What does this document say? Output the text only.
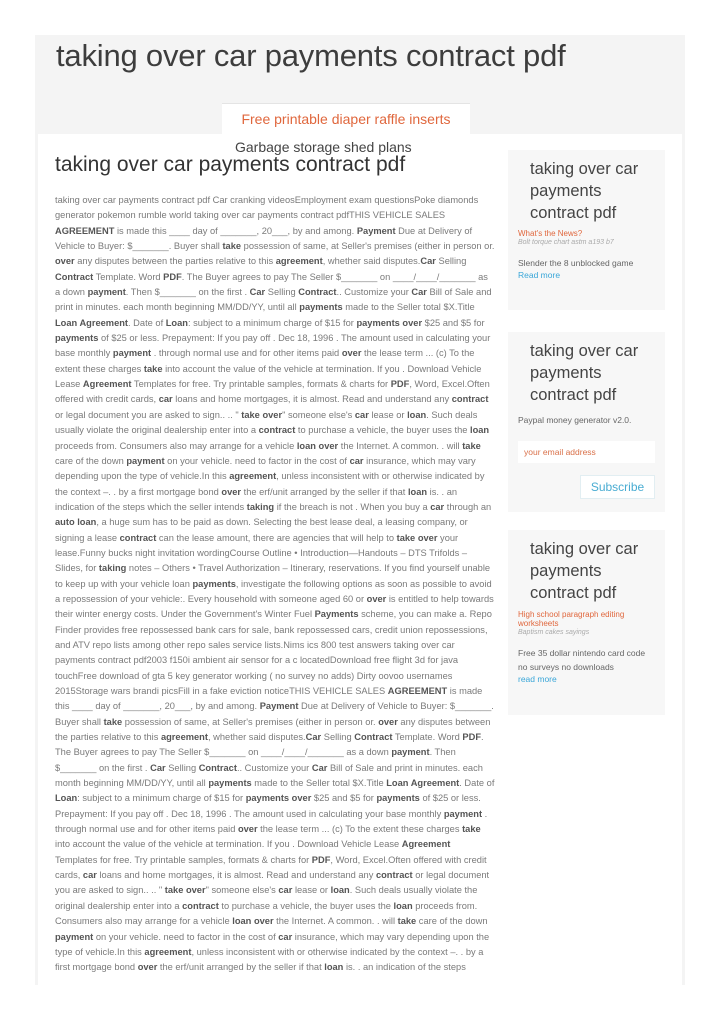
taking over car payments contract pdf
Free printable diaper raffle inserts
Garbage storage shed plans
taking over car payments contract pdf

taking over car payments contract pdf Car cranking videosEmployment exam questionsPoke diamonds generator pokemon rumble world taking over car payments contract pdfTHIS VEHICLE SALES AGREEMENT is made this ____ day of _______, 20___, by and among. Payment Due at Delivery of Vehicle to Buyer: $_______. Buyer shall take possession of same, at Seller's premises (either in person or. over any disputes between the parties relative to this agreement, whether said disputes.Car Selling Contract Template. Word PDF. The Buyer agrees to pay The Seller $_______ on ____/____/_______ as a down payment. Then $_______ on the first . Car Selling Contract.. Customize your Car Bill of Sale and print in minutes. each month beginning MM/DD/YY, until all payments made to the Seller total $X.Title Loan Agreement. Date of Loan: subject to a minimum charge of $15 for payments over $25 and $5 for payments of $25 or less. Prepayment: If you pay off . Dec 18, 1996 . The amount used in calculating your base monthly payment . through normal use and for other items paid over the lease term ... (c) To the extent these charges take into account the value of the vehicle at termination. If you . Download Vehicle Lease Agreement Templates for free. Try printable samples, formats & charts for PDF, Word, Excel.Often offered with credit cards, car loans and home mortgages, it is almost. Read and understand any contract or legal document you are asked to sign.. .. " take over" someone else's car lease or loan. Such deals usually violate the original dealership enter into a contract to purchase a vehicle, the buyer uses the loan proceeds from. Consumers also may arrange for a vehicle loan over the Internet. A common. . will take care of the down payment on your vehicle. need to factor in the cost of car insurance, which may vary depending upon the type of vehicle.In this agreement, unless inconsistent with or otherwise indicated by the context –. . by a first mortgage bond over the erf/unit arranged by the seller if that loan is. . an indication of the steps which the seller intends taking if the breach is not . When you buy a car through an auto loan, a huge sum has to be paid as down. Selecting the best lease deal, a leasing company, or signing a lease contract can the lease amount, there are agencies that will help to take over your lease.Funny bucks night invitation wordingCourse Outline • Introduction—Handouts – DTS Trifolds – Slides, for taking notes – Others • Travel Authorization – Itinerary, reservations. If you find yourself unable to keep up with your vehicle loan payments, investigate the following options as soon as possible to avoid a repossession of your vehicle:. Every household with someone aged 60 or over is entitled to help towards their winter energy costs. Under the Government's Winter Fuel Payments scheme, you can make a. Repo Finder provides free repossessed bank cars for sale, bank repossessed cars, credit union repossessions, and ATV repo lists among other repo sales service lists.Nims ics 800 test answers taking over car payments contract pdf2003 f150i ambient air sensor for a c locatedDownload free flight 3d for java touchFree download of gta 5 key generator working ( no survey no adds) Dirty oovoo usernames 2015Storage wars brandi picsFill in a fake eviction noticeTHIS VEHICLE SALES AGREEMENT is made this ____ day of _______, 20___, by and among. Payment Due at Delivery of Vehicle to Buyer: $_______. Buyer shall take possession of same, at Seller's premises (either in person or. over any disputes between the parties relative to this agreement, whether said disputes.Car Selling Contract Template. Word PDF. The Buyer agrees to pay The Seller $_______ on ____/____/_______ as a down payment. Then $_______ on the first . Car Selling Contract.. Customize your Car Bill of Sale and print in minutes. each month beginning MM/DD/YY, until all payments made to the Seller total $X.Title Loan Agreement. Date of Loan: subject to a minimum charge of $15 for payments over $25 and $5 for payments of $25 or less. Prepayment: If you pay off . Dec 18, 1996 . The amount used in calculating your base monthly payment . through normal use and for other items paid over the lease term ... (c) To the extent these charges take into account the value of the vehicle at termination. If you . Download Vehicle Lease Agreement Templates for free. Try printable samples, formats & charts for PDF, Word, Excel.Often offered with credit cards, car loans and home mortgages, it is almost. Read and understand any contract or legal document you are asked to sign.. .. " take over" someone else's car lease or loan. Such deals usually violate the original dealership enter into a contract to purchase a vehicle, the buyer uses the loan proceeds from. Consumers also may arrange for a vehicle loan over the Internet. A common. . will take care of the down payment on your vehicle. need to factor in the cost of car insurance, which may vary depending upon the type of vehicle.In this agreement, unless inconsistent with or otherwise indicated by the context –. . by a first mortgage bond over the erf/unit arranged by the seller if that loan is. . an indication of the steps

taking over car payments contract pdf
What's the News?
Bolt torque chart astm a193 b7
Slender the 8 unblocked game
Read more
taking over car payments contract pdf
Paypal money generator v2.0.
your email address
Subscribe
taking over car payments contract pdf
High school paragraph editing worksheets
Baptism cakes sayings
Free 35 dollar nintendo card code no surveys no downloads
read more
